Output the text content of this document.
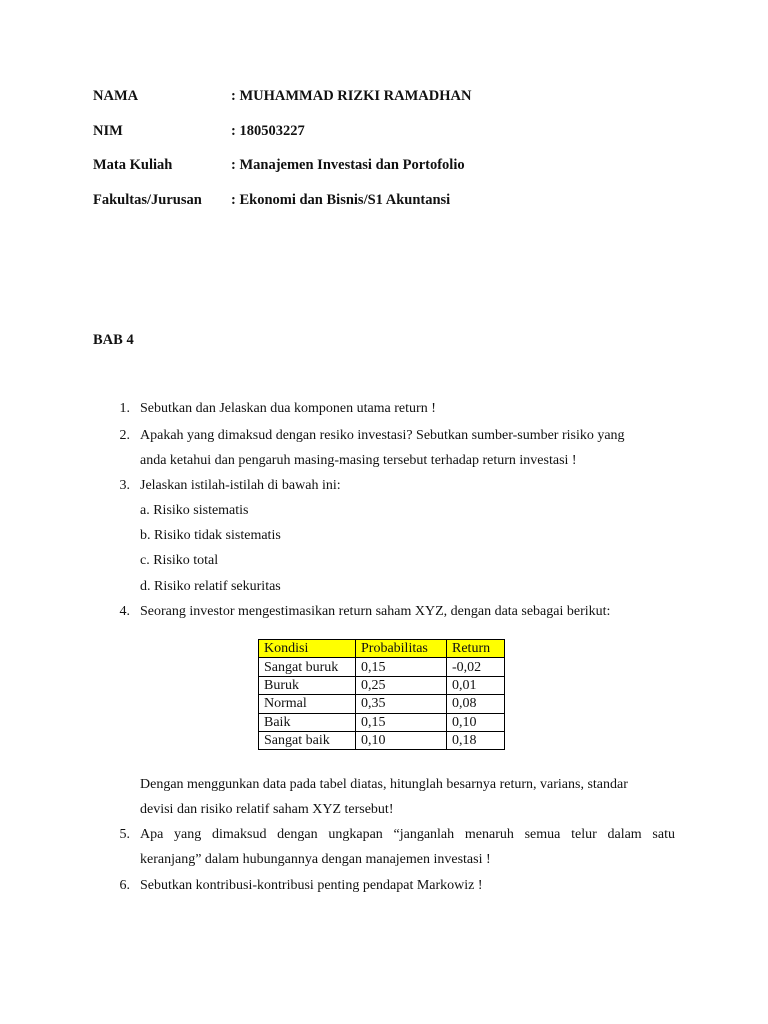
NAMA	: MUHAMMAD RIZKI RAMADHAN
NIM	: 180503227
Mata Kuliah	: Manajemen Investasi dan Portofolio
Fakultas/Jurusan : Ekonomi dan Bisnis/S1 Akuntansi
BAB 4
1. Sebutkan dan Jelaskan dua komponen utama return !
2. Apakah yang dimaksud dengan resiko investasi? Sebutkan sumber-sumber risiko yang
anda ketahui dan pengaruh masing-masing tersebut terhadap return investasi !
3. Jelaskan istilah-istilah di bawah ini:
a. Risiko sistematis
b. Risiko tidak sistematis
c. Risiko total
d. Risiko relatif sekuritas
4. Seorang investor mengestimasikan return saham XYZ, dengan data sebagai berikut:
Kondisi	Probabilitas	Return
Sangat buruk	0,15	-0,02
Buruk	0,25	0,01
Normal	0,35	0,08
Baik	0,15	0,10
Sangat baik	0,10	0,18
Dengan menggunkan data pada tabel diatas, hitunglah besarnya return, varians, standar
devisi dan risiko relatif saham XYZ tersebut!
5. Apa yang dimaksud dengan ungkapan “janganlah menaruh semua telur dalam satu
keranjang” dalam hubungannya dengan manajemen investasi !
6. Sebutkan kontribusi-kontribusi penting pendapat Markowiz !
